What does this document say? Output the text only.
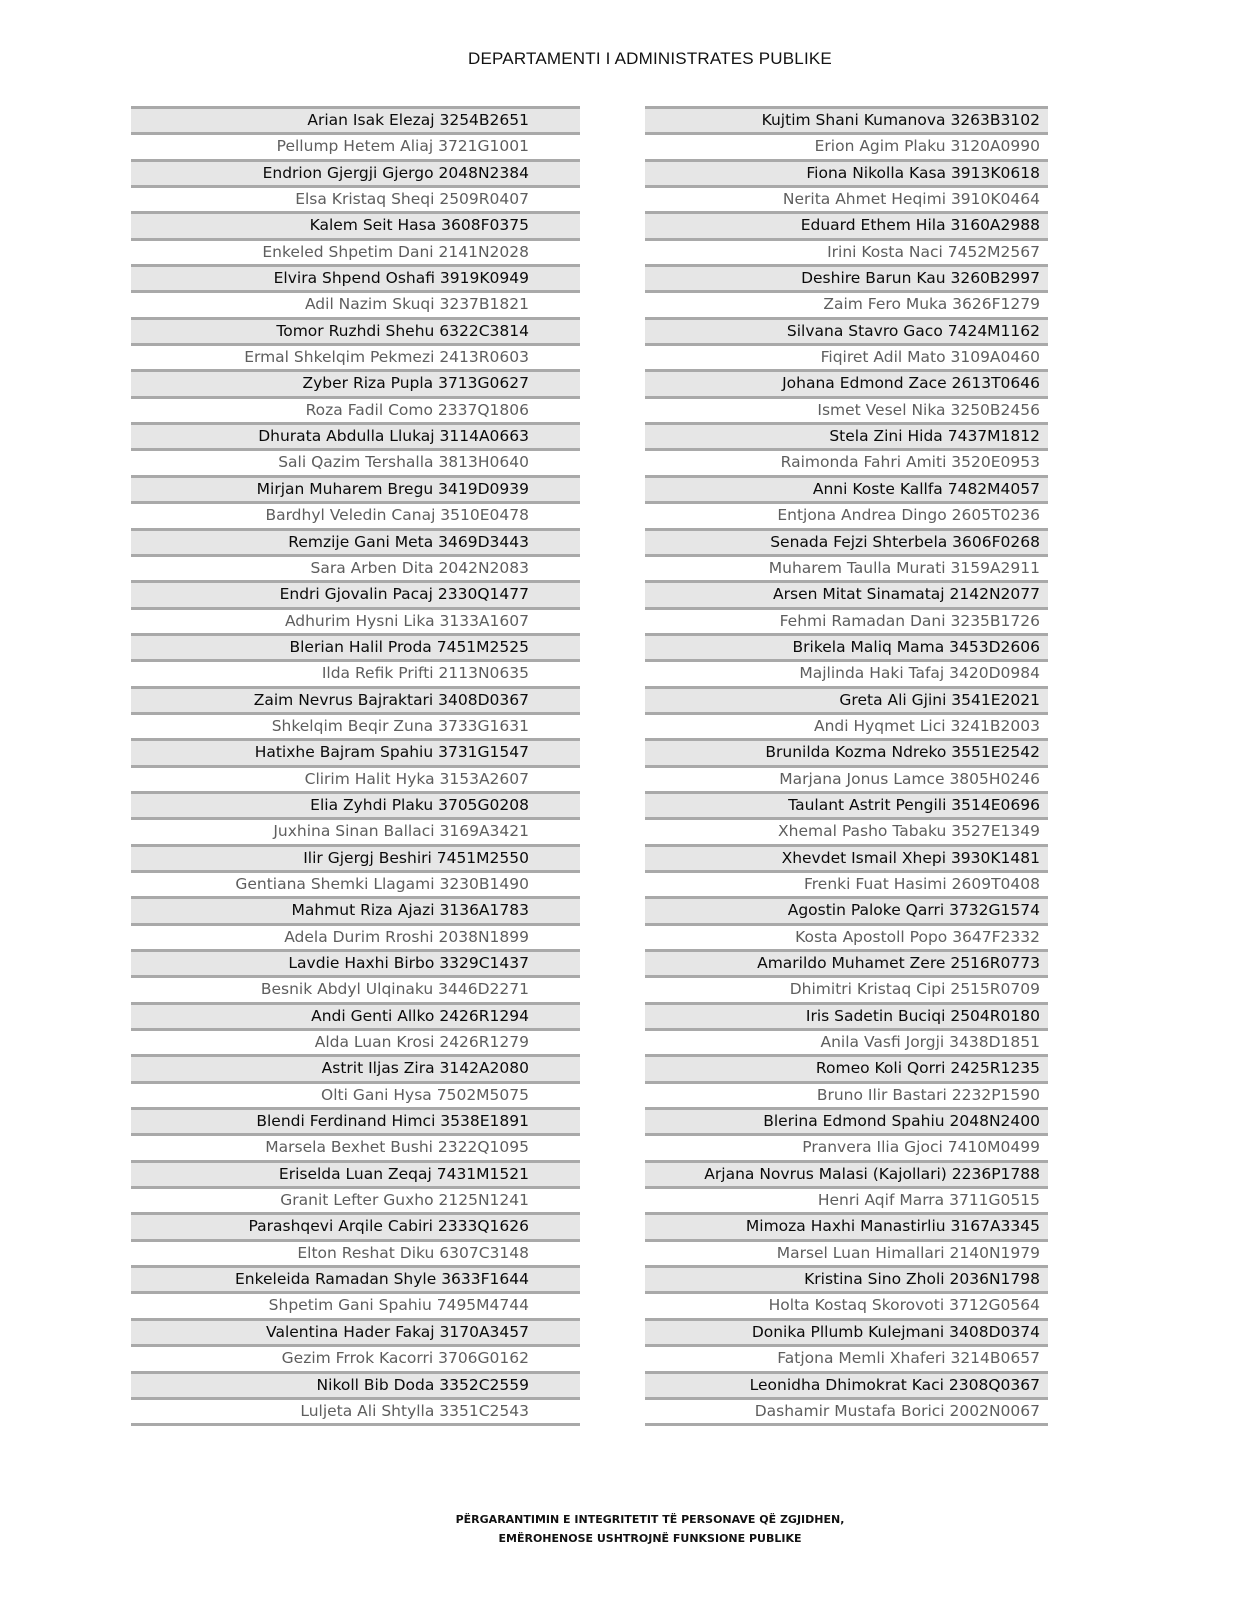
DEPARTAMENTI I ADMINISTRATES PUBLIKE
Arian Isak Elezaj 3254B2651
Pellump Hetem Aliaj 3721G1001
Endrion Gjergji Gjergo 2048N2384
Elsa Kristaq Sheqi 2509R0407
Kalem Seit Hasa 3608F0375
Enkeled Shpetim Dani 2141N2028
Elvira Shpend Oshafi 3919K0949
Adil Nazim Skuqi 3237B1821
Tomor Ruzhdi Shehu 6322C3814
Ermal Shkelqim Pekmezi 2413R0603
Zyber Riza Pupla 3713G0627
Roza Fadil Como 2337Q1806
Dhurata Abdulla Llukaj 3114A0663
Sali Qazim Tershalla 3813H0640
Mirjan Muharem Bregu 3419D0939
Bardhyl Veledin Canaj 3510E0478
Remzije Gani Meta 3469D3443
Sara Arben Dita 2042N2083
Endri Gjovalin Pacaj 2330Q1477
Adhurim Hysni Lika 3133A1607
Blerian Halil Proda 7451M2525
Ilda Refik Prifti 2113N0635
Zaim Nevrus Bajraktari 3408D0367
Shkelqim Beqir Zuna 3733G1631
Hatixhe Bajram Spahiu 3731G1547
Clirim Halit Hyka 3153A2607
Elia Zyhdi Plaku 3705G0208
Juxhina Sinan Ballaci 3169A3421
Ilir Gjergj Beshiri 7451M2550
Gentiana Shemki Llagami 3230B1490
Mahmut Riza Ajazi 3136A1783
Adela Durim Rroshi 2038N1899
Lavdie Haxhi Birbo 3329C1437
Besnik Abdyl Ulqinaku 3446D2271
Andi Genti Allko 2426R1294
Alda Luan Krosi 2426R1279
Astrit Iljas Zira 3142A2080
Olti Gani Hysa 7502M5075
Blendi Ferdinand Himci 3538E1891
Marsela Bexhet Bushi 2322Q1095
Eriselda Luan Zeqaj 7431M1521
Granit Lefter Guxho 2125N1241
Parashqevi Arqile Cabiri 2333Q1626
Elton Reshat Diku 6307C3148
Enkeleida Ramadan Shyle 3633F1644
Shpetim Gani Spahiu 7495M4744
Valentina Hader Fakaj 3170A3457
Gezim Frrok Kacorri 3706G0162
Nikoll Bib Doda 3352C2559
Luljeta Ali Shtylla 3351C2543
Kujtim Shani Kumanova 3263B3102
Erion Agim Plaku 3120A0990
Fiona Nikolla Kasa 3913K0618
Nerita Ahmet Heqimi 3910K0464
Eduard Ethem Hila 3160A2988
Irini Kosta Naci 7452M2567
Deshire Barun Kau 3260B2997
Zaim Fero Muka 3626F1279
Silvana Stavro Gaco 7424M1162
Fiqiret Adil Mato 3109A0460
Johana Edmond Zace 2613T0646
Ismet Vesel Nika 3250B2456
Stela Zini Hida 7437M1812
Raimonda Fahri Amiti 3520E0953
Anni Koste Kallfa 7482M4057
Entjona Andrea Dingo 2605T0236
Senada Fejzi Shterbela 3606F0268
Muharem Taulla Murati 3159A2911
Arsen Mitat Sinamataj 2142N2077
Fehmi Ramadan Dani 3235B1726
Brikela Maliq Mama 3453D2606
Majlinda Haki Tafaj 3420D0984
Greta Ali Gjini 3541E2021
Andi Hyqmet Lici 3241B2003
Brunilda Kozma Ndreko 3551E2542
Marjana Jonus Lamce 3805H0246
Taulant Astrit Pengili 3514E0696
Xhemal Pasho Tabaku 3527E1349
Xhevdet Ismail Xhepi 3930K1481
Frenki Fuat Hasimi 2609T0408
Agostin Paloke Qarri 3732G1574
Kosta Apostoll Popo 3647F2332
Amarildo Muhamet Zere 2516R0773
Dhimitri Kristaq Cipi 2515R0709
Iris Sadetin Buciqi 2504R0180
Anila Vasfi Jorgji 3438D1851
Romeo Koli Qorri 2425R1235
Bruno Ilir Bastari 2232P1590
Blerina Edmond Spahiu 2048N2400
Pranvera Ilia Gjoci 7410M0499
Arjana Novrus Malasi (Kajollari) 2236P1788
Henri Aqif Marra 3711G0515
Mimoza Haxhi Manastirliu 3167A3345
Marsel Luan Himallari 2140N1979
Kristina Sino Zholi 2036N1798
Holta Kostaq Skorovoti 3712G0564
Donika Pllumb Kulejmani 3408D0374
Fatjona Memli Xhaferi 3214B0657
Leonidha Dhimokrat Kaci 2308Q0367
Dashamir Mustafa Borici 2002N0067
PËRGARANTIMIN E INTEGRITETIT TË PERSONAVE QË ZGJIDHEN,
EMËROHENOSE USHTROJNË FUNKSIONE PUBLIKE
